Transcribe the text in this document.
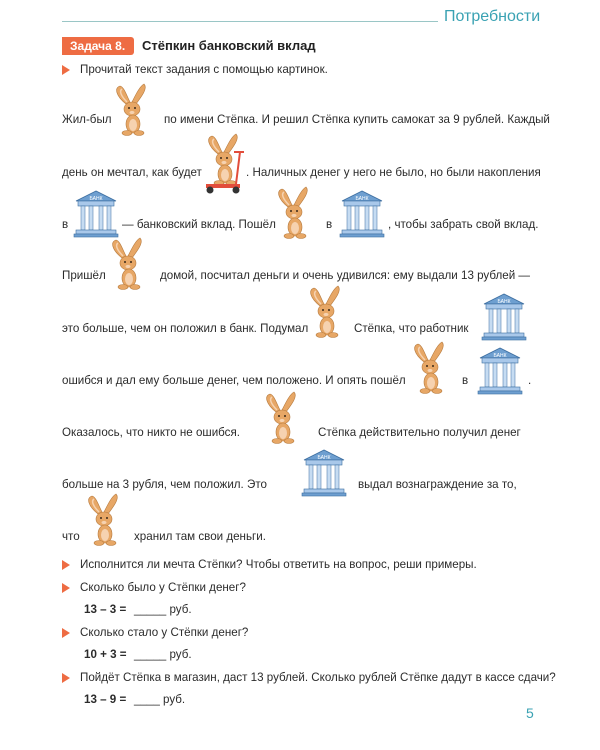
Потребности
Задача 8. Стёпкин банковский вклад
Прочитай текст задания с помощью картинок.
Жил-был	по имени Стёпка. И решил Стёпка купить самокат за 9 рублей. Каждый
день он мечтал, как будет	. Наличных денег у него не было, но были накопления
в
БАНК
— банковский вклад. Пошёл	в
БАНК
, чтобы забрать свой вклад.
Пришёл	домой, посчитал деньги и очень удивился: ему выдали 13 рублей —
это больше, чем он положил в банк. Подумал	Стёпка, что работник
БАНК
ошибся и дал ему больше денег, чем положено. И опять пошёл	в
БАНК
.
Оказалось, что никто не ошибся.	Стёпка действительно получил денег
больше на 3 рубля, чем положил. Это
БАНК
выдал вознаграждение за то,
что	хранил там свои деньги.
Исполнится ли мечта Стёпки? Чтобы ответить на вопрос, реши примеры.
Сколько было у Стёпки денег?
13 – 3 = _____ руб.
Сколько стало у Стёпки денег?
10 + 3 = _____ руб.
Пойдёт Стёпка в магазин, даст 13 рублей. Сколько рублей Стёпке дадут в кассе сдачи?
13 – 9 = ____ руб.
5
